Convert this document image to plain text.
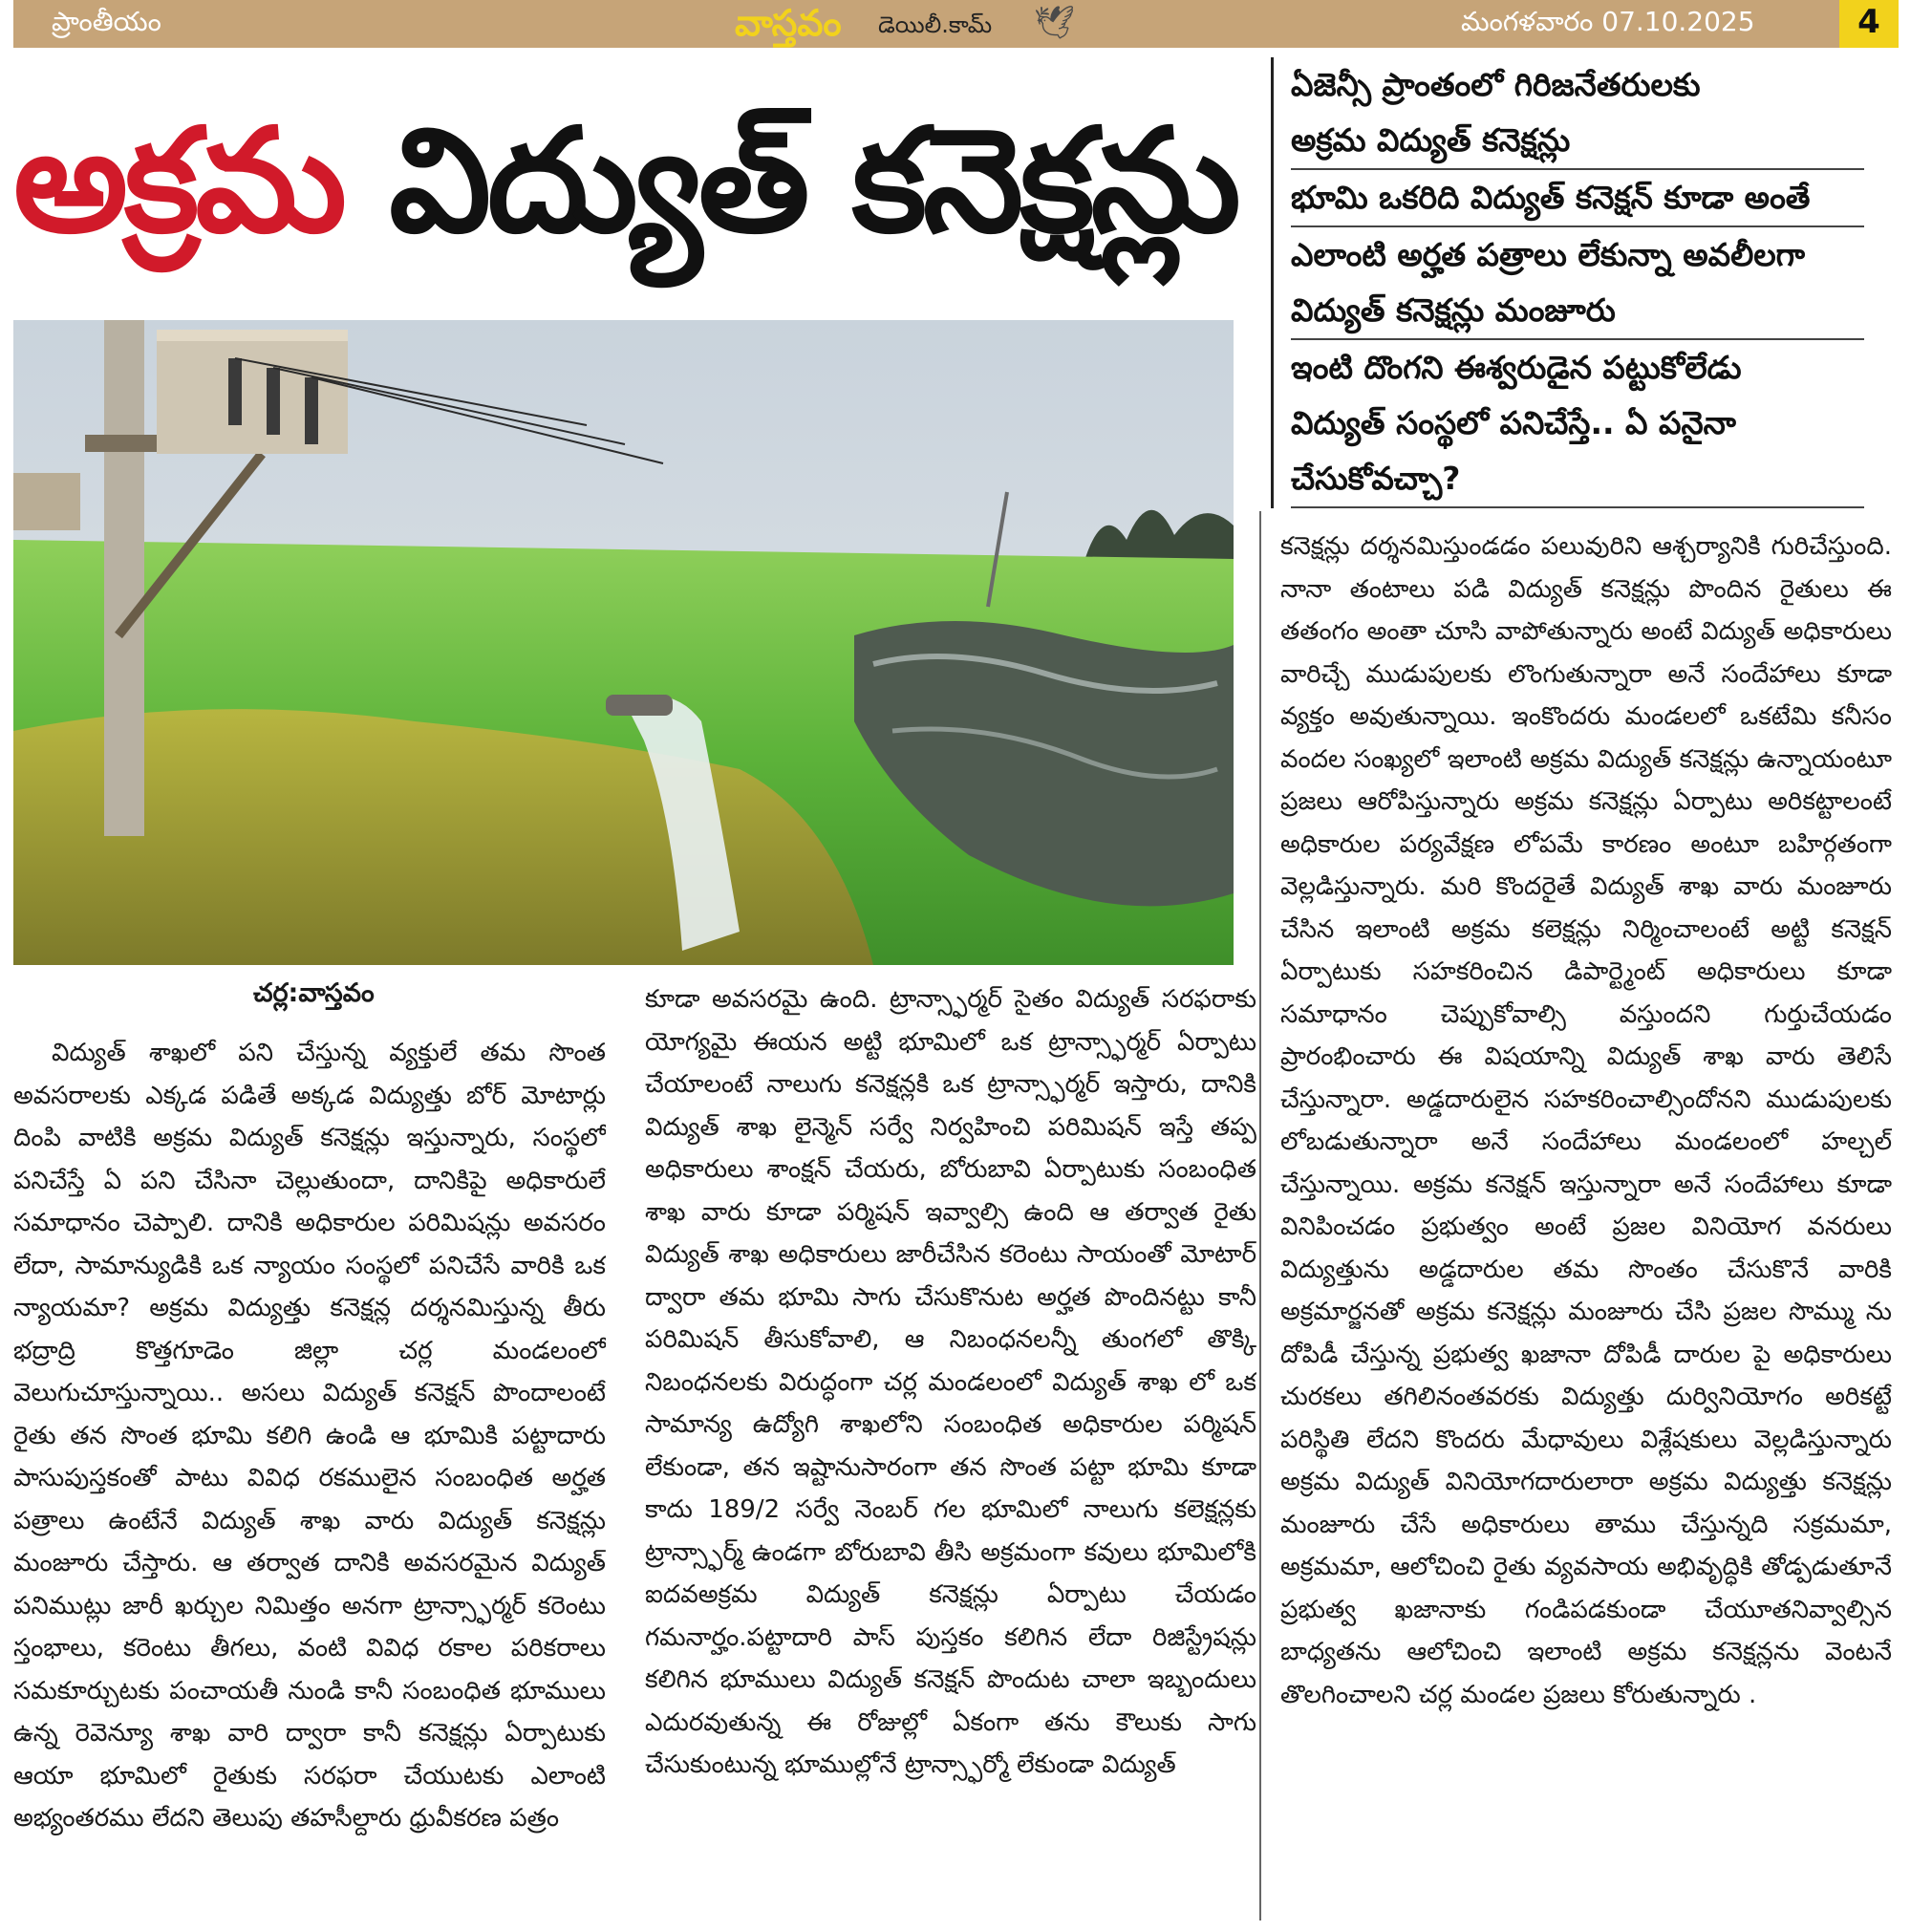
ప్రాంతీయం	వాస్తవం డెయిలీ.కామ్ 🕊	మంగళవారం 07.10.2025	4
అక్రమ విద్యుత్ కనెక్షన్లు
ఏజెన్సీ ప్రాంతంలో గిరిజనేతరులకు
అక్రమ విద్యుత్ కనెక్షన్లు
భూమి ఒకరిది విద్యుత్ కనెక్షన్ కూడా అంతే
ఎలాంటి అర్హత పత్రాలు లేకున్నా అవలీలగా
విద్యుత్ కనెక్షన్లు మంజూరు
ఇంటి దొంగని ఈశ్వరుడైన పట్టుకోలేడు
విద్యుత్ సంస్థలో పనిచేస్తే.. ఏ పనైనా
చేసుకోవచ్చా?
చర్ల:వాస్తవం

విద్యుత్ శాఖలో పని చేస్తున్న వ్యక్తులే తమ సొంత అవసరాలకు ఎక్కడ పడితే అక్కడ విద్యుత్తు బోర్ మోటార్లు దింపి వాటికి అక్రమ విద్యుత్ కనెక్షన్లు ఇస్తున్నారు, సంస్థలో పనిచేస్తే ఏ పని చేసినా చెల్లుతుందా, దానికిపై అధికారులే సమాధానం చెప్పాలి. దానికి అధికారుల పరిమిషన్లు అవసరం లేదా, సామాన్యుడికి ఒక న్యాయం సంస్థలో పనిచేసే వారికి ఒక న్యాయమా? అక్రమ విద్యుత్తు కనెక్షన్ల దర్శనమిస్తున్న తీరు భద్రాద్రి కొత్తగూడెం జిల్లా చర్ల మండలంలో వెలుగుచూస్తున్నాయి.. అసలు విద్యుత్ కనెక్షన్ పొందాలంటే రైతు తన సొంత భూమి కలిగి ఉండి ఆ భూమికి పట్టాదారు పాసుపుస్తకంతో పాటు వివిధ రకములైన సంబంధిత అర్హత పత్రాలు ఉంటేనే విద్యుత్ శాఖ వారు విద్యుత్ కనెక్షన్లు మంజూరు చేస్తారు. ఆ తర్వాత దానికి అవసరమైన విద్యుత్ పనిముట్లు జారీ ఖర్చుల నిమిత్తం అనగా ట్రాన్స్ఫార్మర్ కరెంటు స్తంభాలు, కరెంటు తీగలు, వంటి వివిధ రకాల పరికరాలు సమకూర్చుటకు పంచాయతీ నుండి కానీ సంబంధిత భూములు ఉన్న రెవెన్యూ శాఖ వారి ద్వారా కానీ కనెక్షన్లు ఏర్పాటుకు ఆయా భూమిలో రైతుకు సరఫరా చేయుటకు ఎలాంటి అభ్యంతరము లేదని తెలుపు తహసీల్దారు ధ్రువీకరణ పత్రం

కూడా అవసరమై ఉంది. ట్రాన్స్ఫార్మర్ సైతం విద్యుత్ సరఫరాకు యోగ్యమై ఈయన అట్టి భూమిలో ఒక ట్రాన్స్ఫార్మర్ ఏర్పాటు చేయాలంటే నాలుగు కనెక్షన్లకి ఒక ట్రాన్స్ఫార్మర్ ఇస్తారు, దానికి విద్యుత్ శాఖ లైన్మెన్ సర్వే నిర్వహించి పరిమిషన్ ఇస్తే తప్ప అధికారులు శాంక్షన్ చేయరు, బోరుబావి ఏర్పాటుకు సంబంధిత శాఖ వారు కూడా పర్మిషన్ ఇవ్వాల్సి ఉంది ఆ తర్వాత రైతు విద్యుత్ శాఖ అధికారులు జారీచేసిన కరెంటు సాయంతో మోటార్ ద్వారా తమ భూమి సాగు చేసుకొనుట అర్హత పొందినట్టు కానీ పరిమిషన్ తీసుకోవాలి, ఆ నిబంధనలన్నీ తుంగలో తొక్కి నిబంధనలకు విరుద్ధంగా చర్ల మండలంలో విద్యుత్ శాఖ లో ఒక సామాన్య ఉద్యోగి శాఖలోని సంబంధిత అధికారుల పర్మిషన్ లేకుండా, తన ఇష్టానుసారంగా తన సొంత పట్టా భూమి కూడా కాదు 189/2 సర్వే నెంబర్ గల భూమిలో నాలుగు కలెక్షన్లకు ట్రాన్స్ఫార్మ్ ఉండగా బోరుబావి తీసి అక్రమంగా కవులు భూమిలోకి ఐదవఅక్రమ విద్యుత్ కనెక్షన్లు ఏర్పాటు చేయడం గమనార్హం.పట్టాదారి పాస్ పుస్తకం కలిగిన లేదా రిజిస్ట్రేషన్లు కలిగిన భూములు విద్యుత్ కనెక్షన్ పొందుట చాలా ఇబ్బందులు ఎదురవుతున్న ఈ రోజుల్లో ఏకంగా తను కౌలుకు సాగు చేసుకుంటున్న భూముల్లోనే ట్రాన్స్ఫార్మో లేకుండా విద్యుత్

కనెక్షన్లు దర్శనమిస్తుండడం పలువురిని ఆశ్చర్యానికి గురిచేస్తుంది. నానా తంటాలు పడి విద్యుత్ కనెక్షన్లు పొందిన రైతులు ఈ తతంగం అంతా చూసి వాపోతున్నారు అంటే విద్యుత్ అధికారులు వారిచ్చే ముడుపులకు లొంగుతున్నారా అనే సందేహాలు కూడా వ్యక్తం అవుతున్నాయి. ఇంకొందరు మండలలో ఒకటేమి కనీసం వందల సంఖ్యలో ఇలాంటి అక్రమ విద్యుత్ కనెక్షన్లు ఉన్నాయంటూ ప్రజలు ఆరోపిస్తున్నారు అక్రమ కనెక్షన్లు ఏర్పాటు అరికట్టాలంటే అధికారుల పర్యవేక్షణ లోపమే కారణం అంటూ బహిర్గతంగా వెల్లడిస్తున్నారు. మరి కొందరైతే విద్యుత్ శాఖ వారు మంజూరు చేసిన ఇలాంటి అక్రమ కలెక్షన్లు నిర్మించాలంటే అట్టి కనెక్షన్ ఏర్పాటుకు సహకరించిన డిపార్ట్మెంట్ అధికారులు కూడా సమాధానం చెప్పుకోవాల్సి వస్తుందని గుర్తుచేయడం ప్రారంభించారు ఈ విషయాన్ని విద్యుత్ శాఖ వారు తెలిసే చేస్తున్నారా. అడ్డదారులైన సహకరించాల్సిందోనని ముడుపులకు లోబడుతున్నారా అనే సందేహాలు మండలంలో హల్చల్ చేస్తున్నాయి. అక్రమ కనెక్షన్ ఇస్తున్నారా అనే సందేహాలు కూడా వినిపించడం ప్రభుత్వం అంటే ప్రజల వినియోగ వనరులు విద్యుత్తును అడ్డదారుల తమ సొంతం చేసుకొనే వారికి అక్రమార్జనతో అక్రమ కనెక్షన్లు మంజూరు చేసి ప్రజల సొమ్ము ను దోపిడీ చేస్తున్న ప్రభుత్వ ఖజానా దోపిడీ దారుల పై అధికారులు చురకలు తగిలినంతవరకు విద్యుత్తు దుర్వినియోగం అరికట్టే పరిస్థితి లేదని కొందరు మేధావులు విశ్లేషకులు వెల్లడిస్తున్నారు అక్రమ విద్యుత్ వినియోగదారులారా అక్రమ విద్యుత్తు కనెక్షన్లు మంజూరు చేసే అధికారులు తాము చేస్తున్నది సక్రమమా, అక్రమమా, ఆలోచించి రైతు వ్యవసాయ అభివృద్ధికి తోడ్పడుతూనే ప్రభుత్వ ఖజానాకు గండిపడకుండా చేయూతనివ్వాల్సిన బాధ్యతను ఆలోచించి ఇలాంటి అక్రమ కనెక్షన్లను వెంటనే తొలగించాలని చర్ల మండల ప్రజలు కోరుతున్నారు .
